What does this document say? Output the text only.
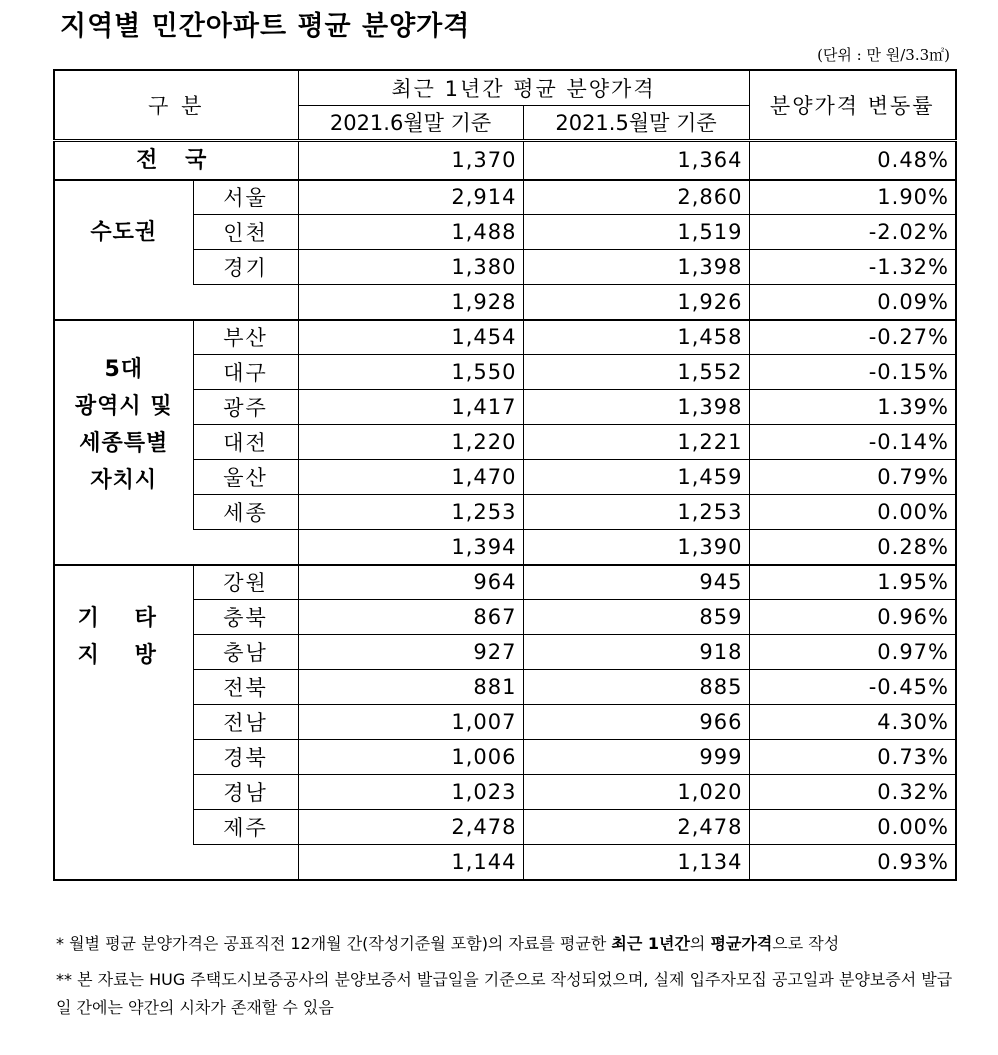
지역별 민간아파트 평균 분양가격
(단위 : 만 원/3.3㎡)
구 분		최근 1년간 평균 분양가격		분양가격 변동률
		2021.6월말 기준	2021.5월말 기준	
전 국		1,370	1,364	0.48%
수도권	서울	2,914	2,860	1.90%
	인천	1,488	1,519	-2.02%
	경기	1,380	1,398	-1.32%
		1,928	1,926	0.09%

5대
광역시 및
세종특별
자치시	부산	1,454	1,458	-0.27%
	대구	1,550	1,552	-0.15%
	광주	1,417	1,398	1.39%
	대전	1,220	1,221	-0.14%
	울산	1,470	1,459	0.79%
	세종	1,253	1,253	0.00%
		1,394	1,390	0.28%

기 타
지 방	강원	964	945	1.95%
	충북	867	859	0.96%
	충남	927	918	0.97%
	전북	881	885	-0.45%
	전남	1,007	966	4.30%
	경북	1,006	999	0.73%
	경남	1,023	1,020	0.32%
	제주	2,478	2,478	0.00%
		1,144	1,134	0.93%

* 월별 평균 분양가격은 공표직전 12개월 간(작성기준월 포함)의 자료를 평균한 최근 1년간의 평균가격으로 작성

** 본 자료는 HUG 주택도시보증공사의 분양보증서 발급일을 기준으로 작성되었으며, 실제 입주자모집 공고일과 분양보증서 발급일 간에는 약간의 시차가 존재할 수 있음
